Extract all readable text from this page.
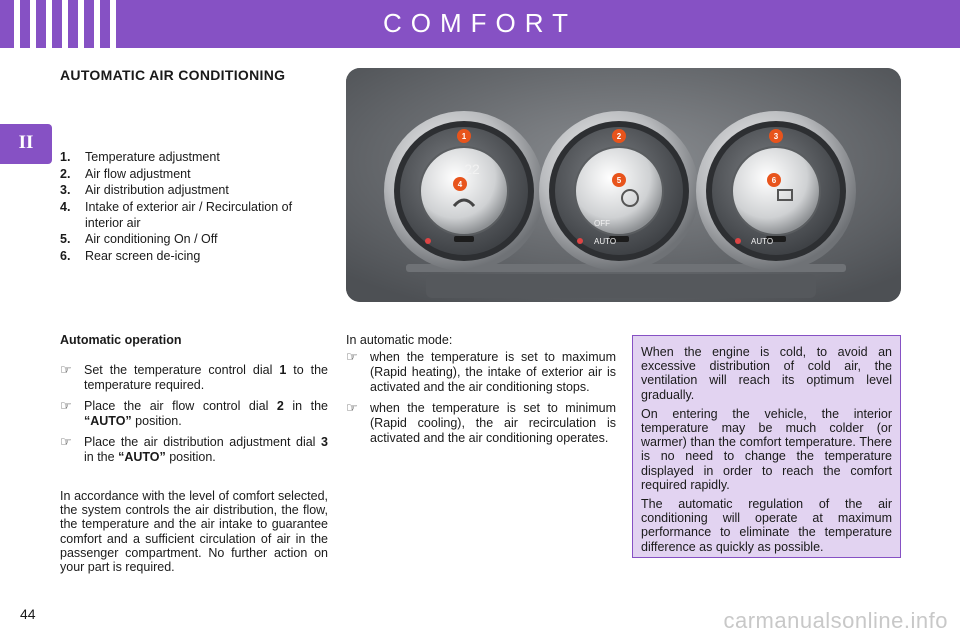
COMFORT
II
AUTOMATIC AIR CONDITIONING
1. Temperature adjustment
2. Air flow adjustment
3. Air distribution adjustment
4. Intake of exterior air / Recirculation of interior air
5. Air conditioning On / Off
6. Rear screen de-icing
22
OFF
AUTO	AUTO
1	2	3
4	5	6
Automatic operation
☞ Set the temperature control dial 1 to the temperature required.
☞ Place the air flow control dial 2 in the “AUTO” position.
☞ Place the air distribution adjustment dial 3 in the “AUTO” position.
In accordance with the level of comfort selected, the system controls the air distribution, the flow, the temperature and the air intake to guarantee comfort and a sufficient circulation of air in the passenger compartment. No further action on your part is required.
In automatic mode:
☞ when the temperature is set to maximum (Rapid heating), the intake of exterior air is activated and the air conditioning stops.
☞ when the temperature is set to minimum (Rapid cooling), the air recirculation is activated and the air conditioning operates.

When the engine is cold, to avoid an excessive distribution of cold air, the ventilation will reach its optimum level gradually.

On entering the vehicle, the interior temperature may be much colder (or warmer) than the comfort temperature. There is no need to change the temperature displayed in order to reach the comfort required rapidly.

The automatic regulation of the air conditioning will operate at maximum performance to eliminate the temperature difference as quickly as possible.

44	carmanualsonline.info
